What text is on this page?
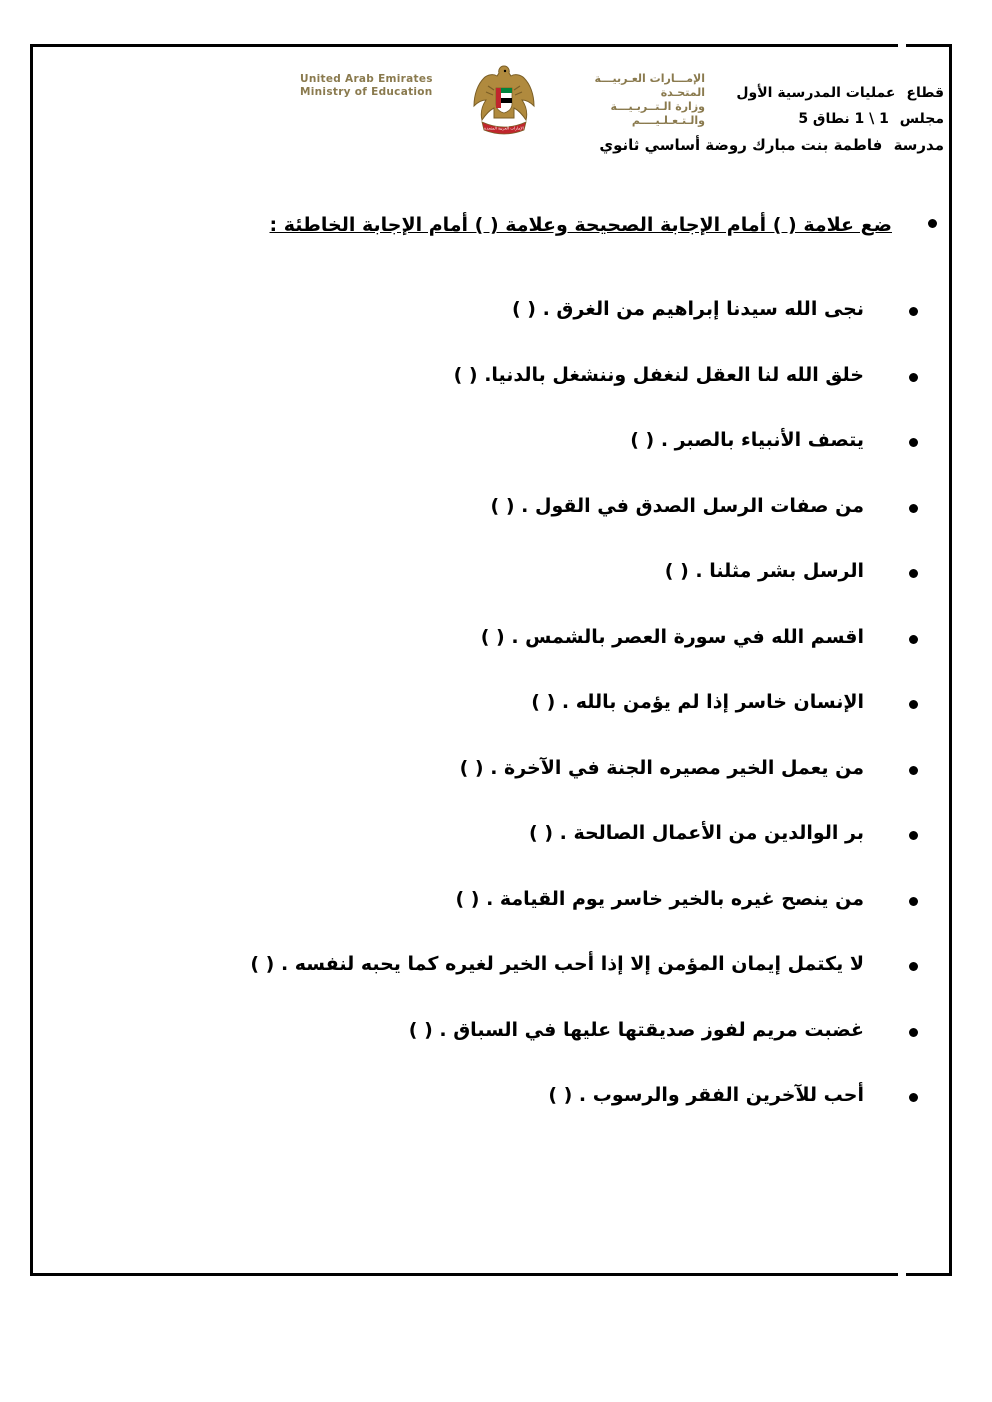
قطاع عمليات المدرسية الأول
مجلس 1 \ 1 نطاق 5
مدرسة فاطمة بنت مبارك روضة أساسي ثانوي
الإمـــارات العـربيـــة المتحـدة
وزارة الـتــربـيـــة والـتـعـلـيــــم
الإمارات العربية المتحدة
United Arab Emirates
Ministry of Education
ضع علامة ( ) أمام الإجابة الصحيحة وعلامة ( ) أمام الإجابة الخاطئة :
نجى الله سيدنا إبراهيم من الغرق . ( )
خلق الله لنا العقل لنغفل وننشغل بالدنيا. ( )
يتصف الأنبياء بالصبر . ( )
من صفات الرسل الصدق في القول . ( )
الرسل بشر مثلنا . ( )
اقسم الله في سورة العصر بالشمس . ( )
الإنسان خاسر إذا لم يؤمن بالله . ( )
من يعمل الخير مصيره الجنة في الآخرة . ( )
بر الوالدين من الأعمال الصالحة . ( )
من ينصح غيره بالخير خاسر يوم القيامة . ( )
لا يكتمل إيمان المؤمن إلا إذا أحب الخير لغيره كما يحبه لنفسه . ( )
غضبت مريم لفوز صديقتها عليها في السباق . ( )
أحب للآخرين الفقر والرسوب . ( )
